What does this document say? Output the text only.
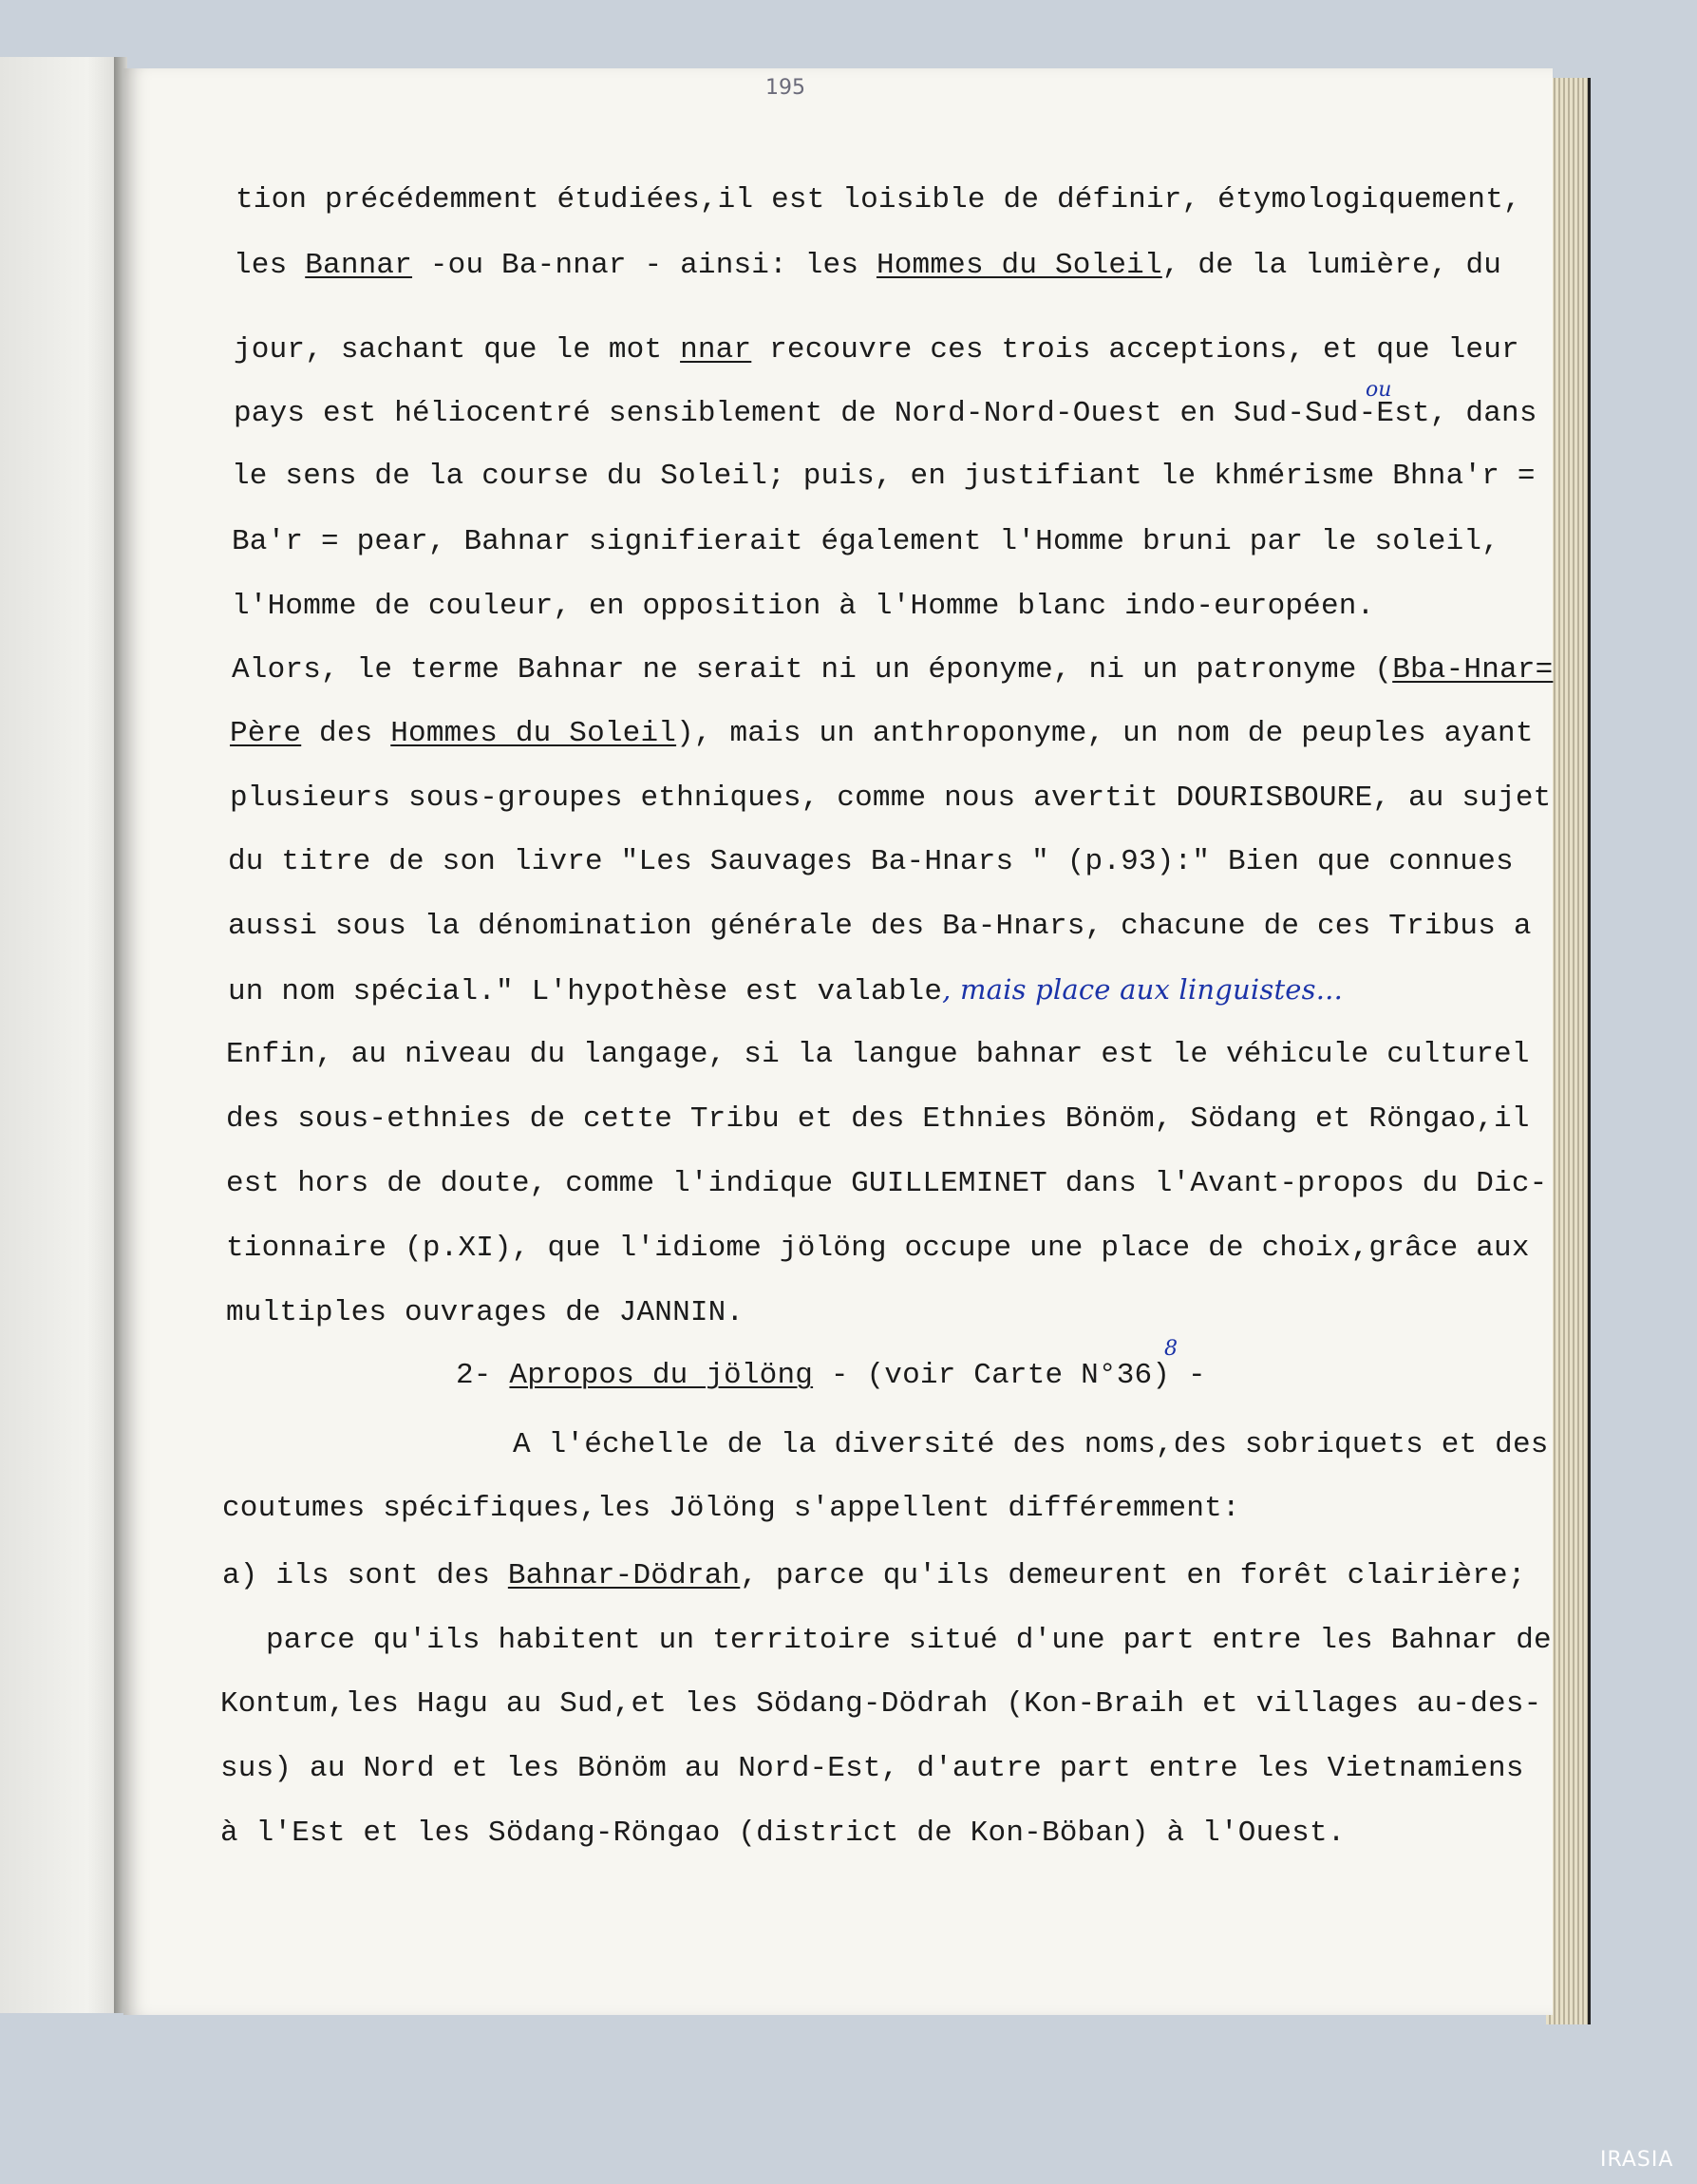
195
tion précédemment étudiées,il est loisible de définir, étymologiquement,
les Bannar -ou Ba-nnar - ainsi: les Hommes du Soleil, de la lumière, du
jour, sachant que le mot nnar recouvre ces trois acceptions, et que leur
ou
pays est héliocentré sensiblement de Nord-Nord-Ouest en Sud-Sud-Est, dans
le sens de la course du Soleil; puis, en justifiant le khmérisme Bhna'r =
Ba'r = pear, Bahnar signifierait également l'Homme bruni par le soleil,
l'Homme de couleur, en opposition à l'Homme blanc indo-européen.
Alors, le terme Bahnar ne serait ni un éponyme, ni un patronyme (Bba-Hnar=
Père des Hommes du Soleil), mais un anthroponyme, un nom de peuples ayant
plusieurs sous-groupes ethniques, comme nous avertit DOURISBOURE, au sujet
du titre de son livre "Les Sauvages Ba-Hnars " (p.93):" Bien que connues
aussi sous la dénomination générale des Ba-Hnars, chacune de ces Tribus a
un nom spécial." L'hypothèse est valable, mais place aux linguistes...
Enfin, au niveau du langage, si la langue bahnar est le véhicule culturel
des sous-ethnies de cette Tribu et des Ethnies Bönöm, Södang et Röngao,il
est hors de doute, comme l'indique GUILLEMINET dans l'Avant-propos du Dic-
tionnaire (p.XI), que l'idiome jölöng occupe une place de choix,grâce aux
multiples ouvrages de JANNIN.
8
2- Apropos du jölöng - (voir Carte N°36) -
A l'échelle de la diversité des noms,des sobriquets et des
coutumes spécifiques,les Jölöng s'appellent différemment:
a) ils sont des Bahnar-Dödrah, parce qu'ils demeurent en forêt clairière;
parce qu'ils habitent un territoire situé d'une part entre les Bahnar de
Kontum,les Hagu au Sud,et les Södang-Dödrah (Kon-Braih et villages au-des-
sus) au Nord et les Bönöm au Nord-Est, d'autre part entre les Vietnamiens
à l'Est et les Södang-Röngao (district de Kon-Böban) à l'Ouest.
IRASIA
